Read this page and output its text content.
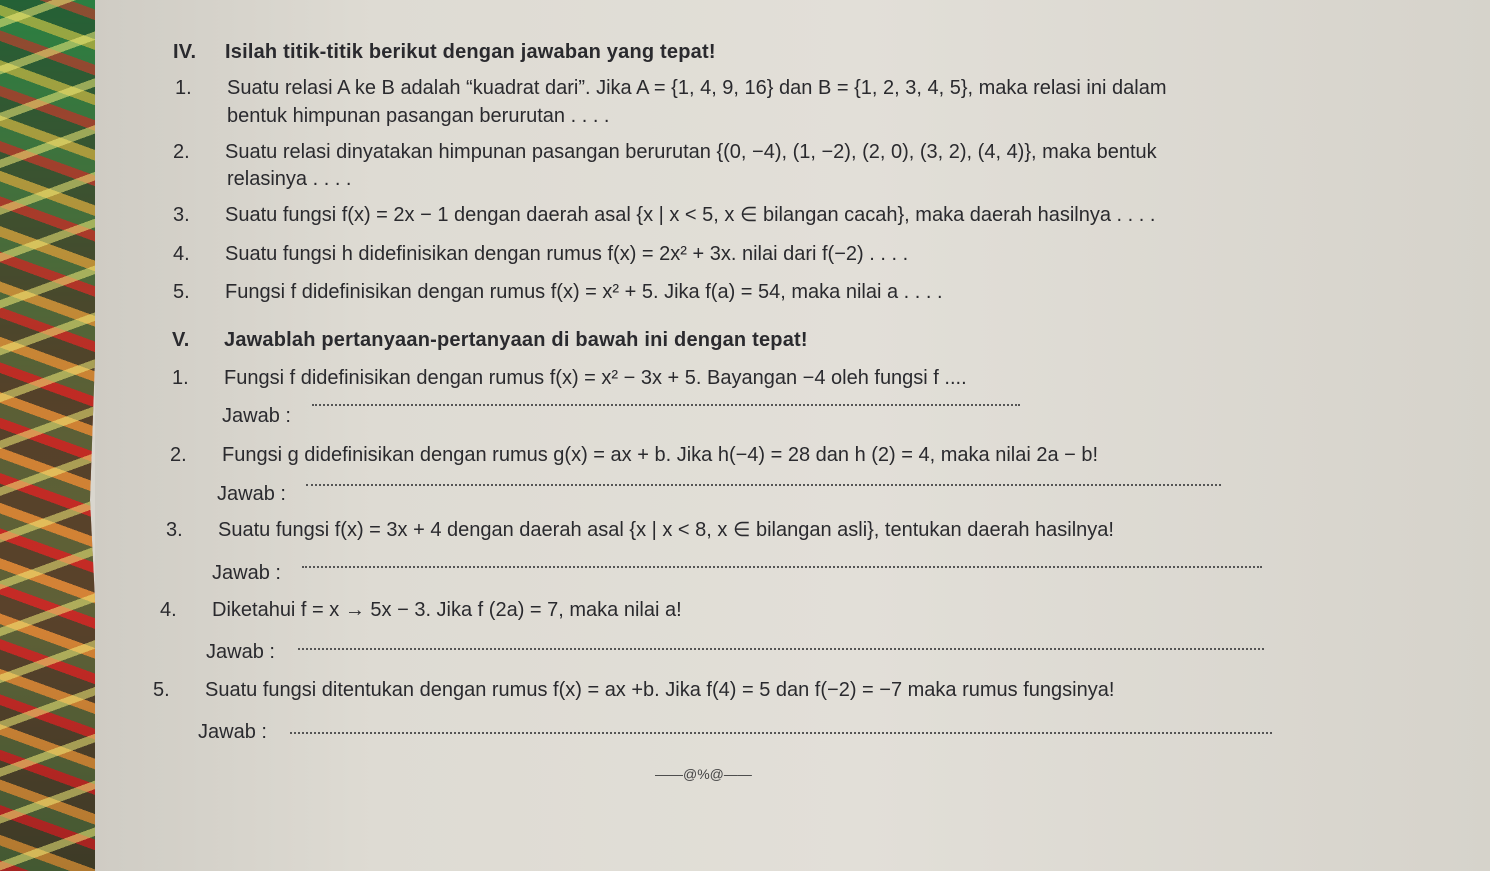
IV. Isilah titik-titik berikut dengan jawaban yang tepat!
1. Suatu relasi A ke B adalah “kuadrat dari”. Jika A = {1, 4, 9, 16} dan B = {1, 2, 3, 4, 5}, maka relasi ini dalam
bentuk himpunan pasangan berurutan . . . .
2. Suatu relasi dinyatakan himpunan pasangan berurutan {(0, −4), (1, −2), (2, 0), (3, 2), (4, 4)}, maka bentuk
relasinya . . . .
3. Suatu fungsi f(x) = 2x − 1 dengan daerah asal {x | x < 5, x ∈ bilangan cacah}, maka daerah hasilnya . . . .
4. Suatu fungsi h didefinisikan dengan rumus f(x) = 2x² + 3x. nilai dari f(−2) . . . .
5. Fungsi f didefinisikan dengan rumus f(x) = x² + 5. Jika f(a) = 54, maka nilai a . . . .
V. Jawablah pertanyaan-pertanyaan di bawah ini dengan tepat!
1. Fungsi f didefinisikan dengan rumus f(x) = x² − 3x + 5. Bayangan −4 oleh fungsi f ....
Jawab :
2. Fungsi g didefinisikan dengan rumus g(x) = ax + b. Jika h(−4) = 28 dan h (2) = 4, maka nilai 2a − b!
Jawab :
3. Suatu fungsi f(x) = 3x + 4 dengan daerah asal {x | x < 8, x ∈ bilangan asli}, tentukan daerah hasilnya!
Jawab :
4. Diketahui f = x → 5x − 3. Jika f (2a) = 7, maka nilai a!
Jawab :
5. Suatu fungsi ditentukan dengan rumus f(x) = ax +b. Jika f(4) = 5 dan f(−2) = −7 maka rumus fungsinya!
Jawab :
——@%@——
